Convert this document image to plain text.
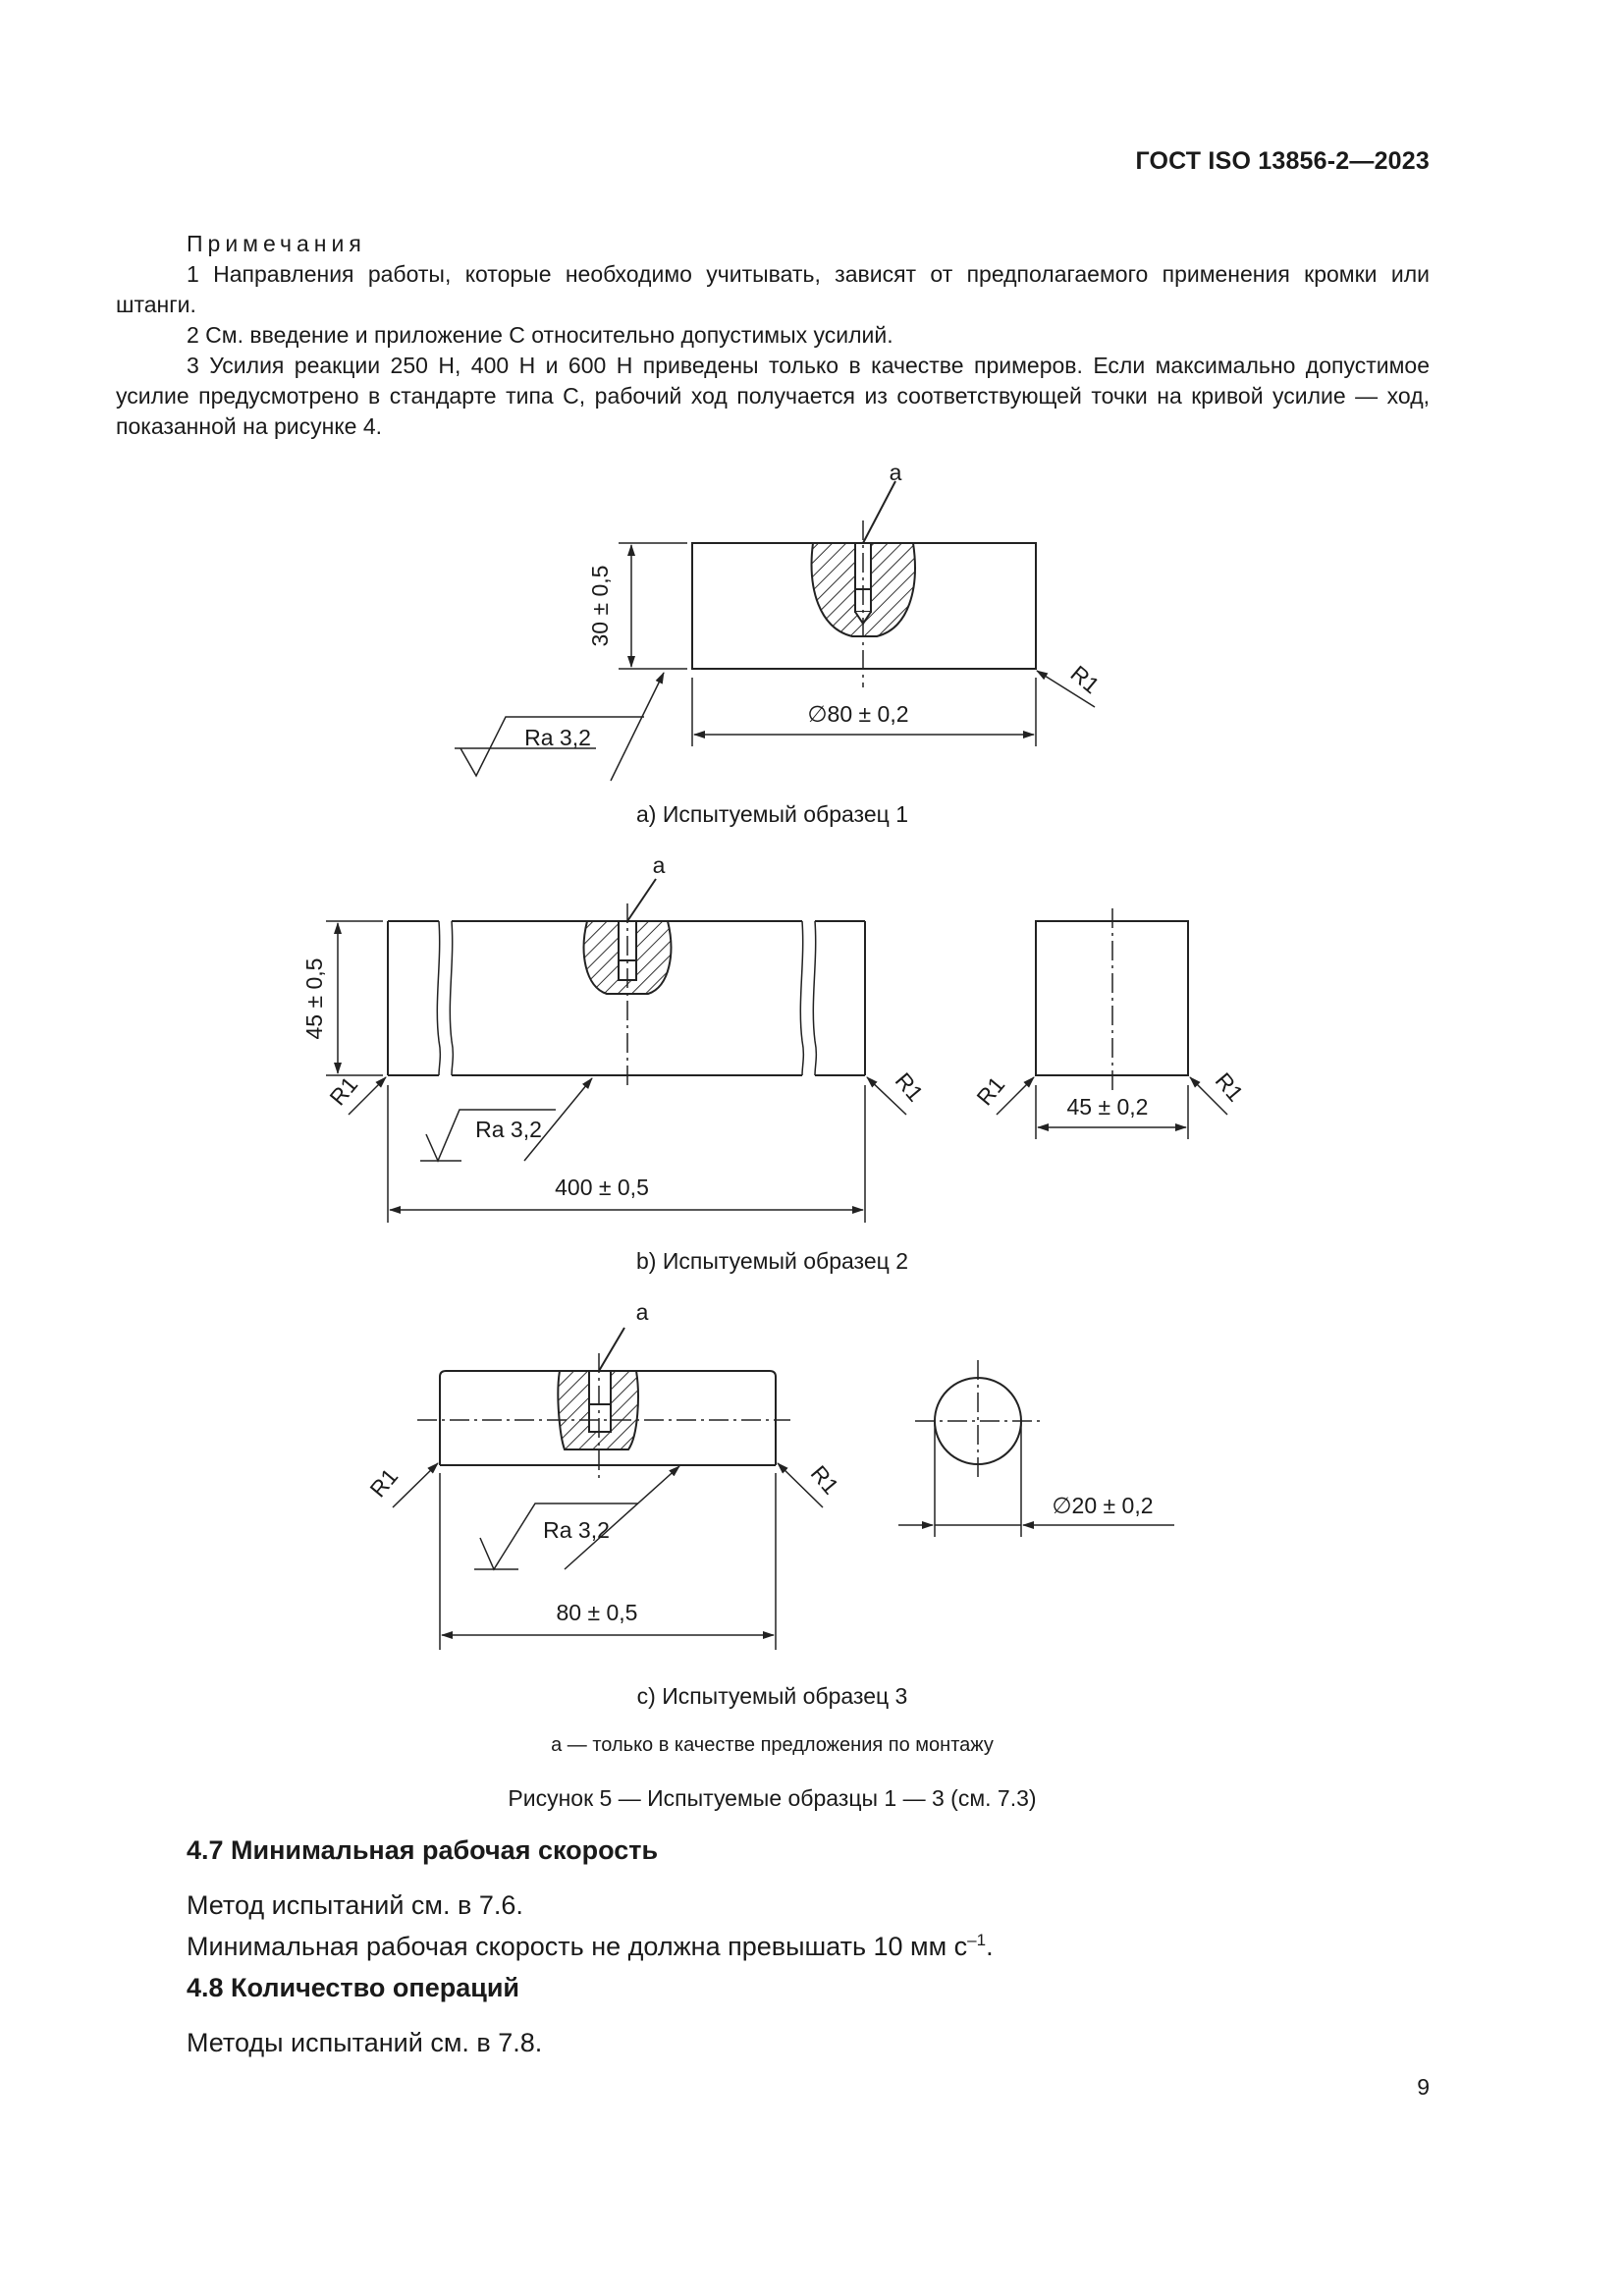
ГОСТ ISO 13856-2—2023

Примечания

1 Направления работы, которые необходимо учитывать, зависят от предполагаемого применения кромки или штанги.

2 См. введение и приложение С относительно допустимых усилий.

3 Усилия реакции 250 Н, 400 Н и 600 Н приведены только в качестве примеров. Если максимально допустимое усилие предусмотрено в стандарте типа С, рабочий ход получается из соответствующей точки на кривой усилие — ход, показанной на рисунке 4.

a
30 ± 0,5
∅80 ± 0,2
R1
Ra 3,2
a
45 ± 0,5
400 ± 0,5
45 ± 0,2
R1	R1 R1	R1
Ra 3,2
a
80 ± 0,5
∅20 ± 0,2
R1	R1
Ra 3,2
a) Испытуемый образец 1
b) Испытуемый образец 2
c) Испытуемый образец 3
a — только в качестве предложения по монтажу
Рисунок 5 — Испытуемые образцы 1 — 3 (см. 7.3)
4.7 Минимальная рабочая скорость

Метод испытаний см. в 7.6.

Минимальная рабочая скорость не должна превышать 10 мм $с^{-1}$.

4.8 Количество операций

Методы испытаний см. в 7.8.

9
